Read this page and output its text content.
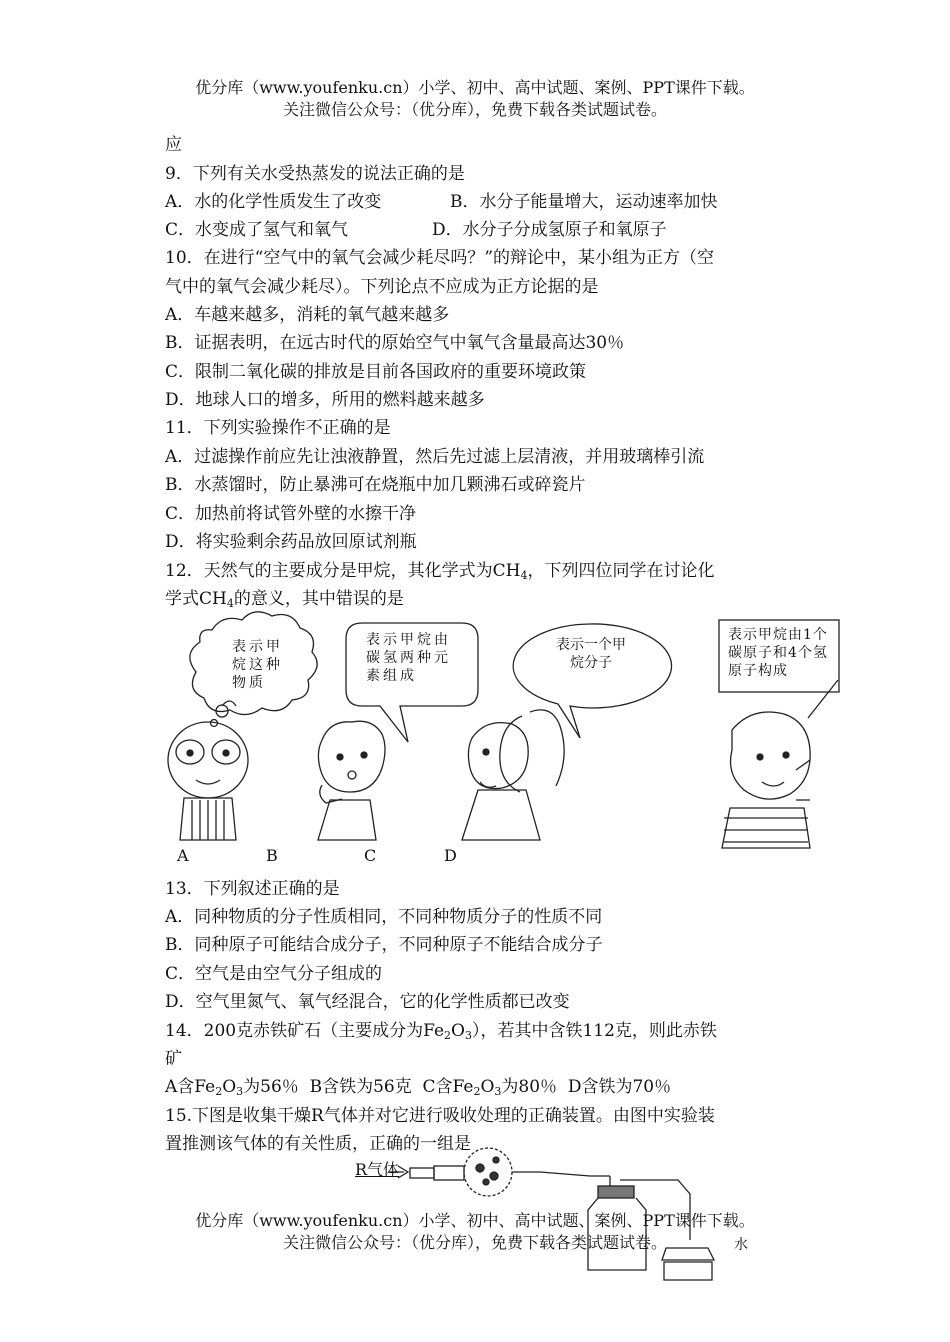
优分库（www.youfenku.cn）小学、初中、高中试题、案例、PPT课件下载。
关注微信公众号：（优分库），免费下载各类试题试卷。
应
9．下列有关水受热蒸发的说法正确的是
A．水的化学性质发生了改变	B．水分子能量增大，运动速率加快
C．水变成了氢气和氧气	D．水分子分成氢原子和氧原子
10．在进行“空气中的氧气会减少耗尽吗？”的辩论中，某小组为正方（空
气中的氧气会减少耗尽）。下列论点不应成为正方论据的是
A．车越来越多，消耗的氧气越来越多
B．证据表明，在远古时代的原始空气中氧气含量最高达30％
C．限制二氧化碳的排放是目前各国政府的重要环境政策
D．地球人口的增多，所用的燃料越来越多
11．下列实验操作不正确的是
A．过滤操作前应先让浊液静置，然后先过滤上层清液，并用玻璃棒引流
B．水蒸馏时，防止暴沸可在烧瓶中加几颗沸石或碎瓷片
C．加热前将试管外壁的水擦干净
D．将实验剩余药品放回原试剂瓶
12．天然气的主要成分是甲烷，其化学式为$CH_4$，下列四位同学在讨论化
学式$CH_4$的意义，其中错误的是
表示甲烷这种物质
表示甲烷由碳氢两种元素组成
表示一个甲烷分子
表示甲烷由1个碳原子和4个氢原子构成
A	B	C	D
13．下列叙述正确的是
A．同种物质的分子性质相同，不同种物质分子的性质不同
B．同种原子可能结合成分子，不同种原子不能结合成分子
C．空气是由空气分子组成的
D．空气里氮气、氧气经混合，它的化学性质都已改变
14．200克赤铁矿石（主要成分为$Fe_2O_3$），若其中含铁112克，则此赤铁
矿
A含$Fe_2O_3$为56％ B含铁为56克 C含$Fe_2O_3$为80％ D含铁为70％
15.下图是收集干燥R气体并对它进行吸收处理的正确装置。由图中实验装
置推测该气体的有关性质，正确的一组是
R气体
水
优分库（www.youfenku.cn）小学、初中、高中试题、案例、PPT课件下载。
关注微信公众号：（优分库），免费下载各类试题试卷。
